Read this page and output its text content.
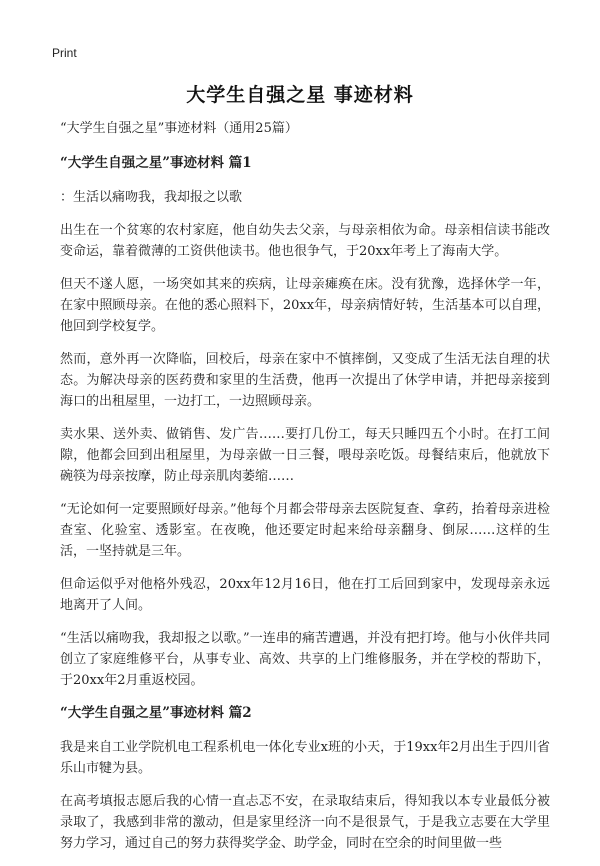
Print
大学生自强之星 事迹材料

“大学生自强之星”事迹材料（通用25篇）

“大学生自强之星”事迹材料 篇1

：生活以痛吻我，我却报之以歌

出生在一个贫寒的农村家庭，他自幼失去父亲，与母亲相依为命。母亲相信读书能改变命运，靠着微薄的工资供他读书。他也很争气，于20xx年考上了海南大学。

但天不遂人愿，一场突如其来的疾病，让母亲瘫痪在床。没有犹豫，选择休学一年，在家中照顾母亲。在他的悉心照料下，20xx年，母亲病情好转，生活基本可以自理，他回到学校复学。

然而，意外再一次降临，回校后，母亲在家中不慎摔倒，又变成了生活无法自理的状态。为解决母亲的医药费和家里的生活费，他再一次提出了休学申请，并把母亲接到海口的出租屋里，一边打工，一边照顾母亲。

卖水果、送外卖、做销售、发广告……要打几份工，每天只睡四五个小时。在打工间隙，他都会回到出租屋里，为母亲做一日三餐，喂母亲吃饭。母餐结束后，他就放下碗筷为母亲按摩，防止母亲肌肉萎缩……

“无论如何一定要照顾好母亲。”他每个月都会带母亲去医院复查、拿药，抬着母亲进检查室、化验室、透影室。在夜晚，他还要定时起来给母亲翻身、倒尿……这样的生活，一坚持就是三年。

但命运似乎对他格外残忍，20xx年12月16日，他在打工后回到家中，发现母亲永远地离开了人间。

“生活以痛吻我，我却报之以歌。”一连串的痛苦遭遇，并没有把打垮。他与小伙伴共同创立了家庭维修平台，从事专业、高效、共享的上门维修服务，并在学校的帮助下，于20xx年2月重返校园。

“大学生自强之星”事迹材料 篇2

我是来自工业学院机电工程系机电一体化专业x班的小天，于19xx年2月出生于四川省乐山市犍为县。

在高考填报志愿后我的心情一直忐忑不安，在录取结束后，得知我以本专业最低分被录取了，我感到非常的激动，但是家里经济一向不是很景气，于是我立志要在大学里努力学习，通过自己的努力获得奖学金、助学金，同时在空余的时间里做一些
